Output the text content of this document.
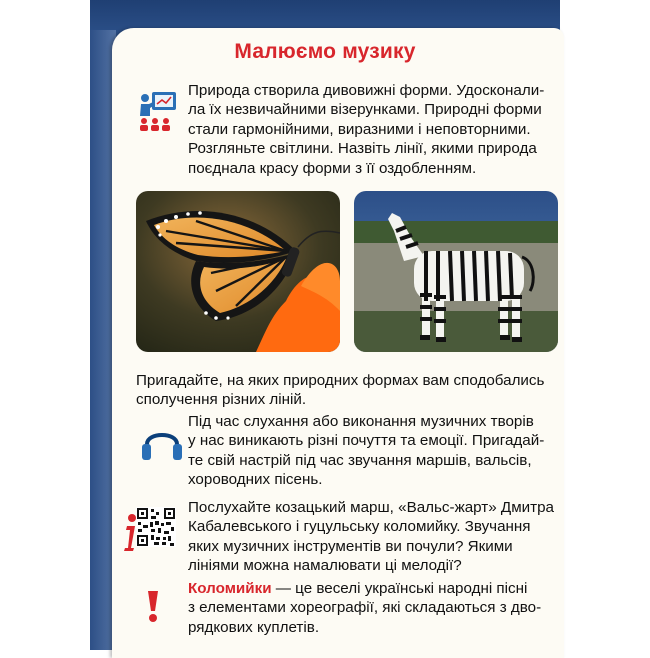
Малюємо музику

Природа створила дивовижні форми. Удосконали-

ла їх незвичайними візерунками. Природні форми

стали гармонійними, виразними і неповторними.

Розгляньте світлини. Назвіть лінії, якими природа

поєднала красу форми з її оздобленням.

Пригадайте, на яких природних формах вам сподобались

сполучення різних ліній.

Під час слухання або виконання музичних творів

у нас виникають різні почуття та емоції. Пригадай-

те свій настрій під час звучання маршів, вальсів,

хороводних пісень.

Послухайте козацький марш, «Вальс-жарт» Дмитра

Кабалевського і гуцульську коломийку. Звучання

яких музичних інструментів ви почули? Якими

лініями можна намалювати ці мелодії?

Коломийки — це веселі українські народні пісні

з елементами хореографії, які складаються з дво-

рядкових куплетів.
